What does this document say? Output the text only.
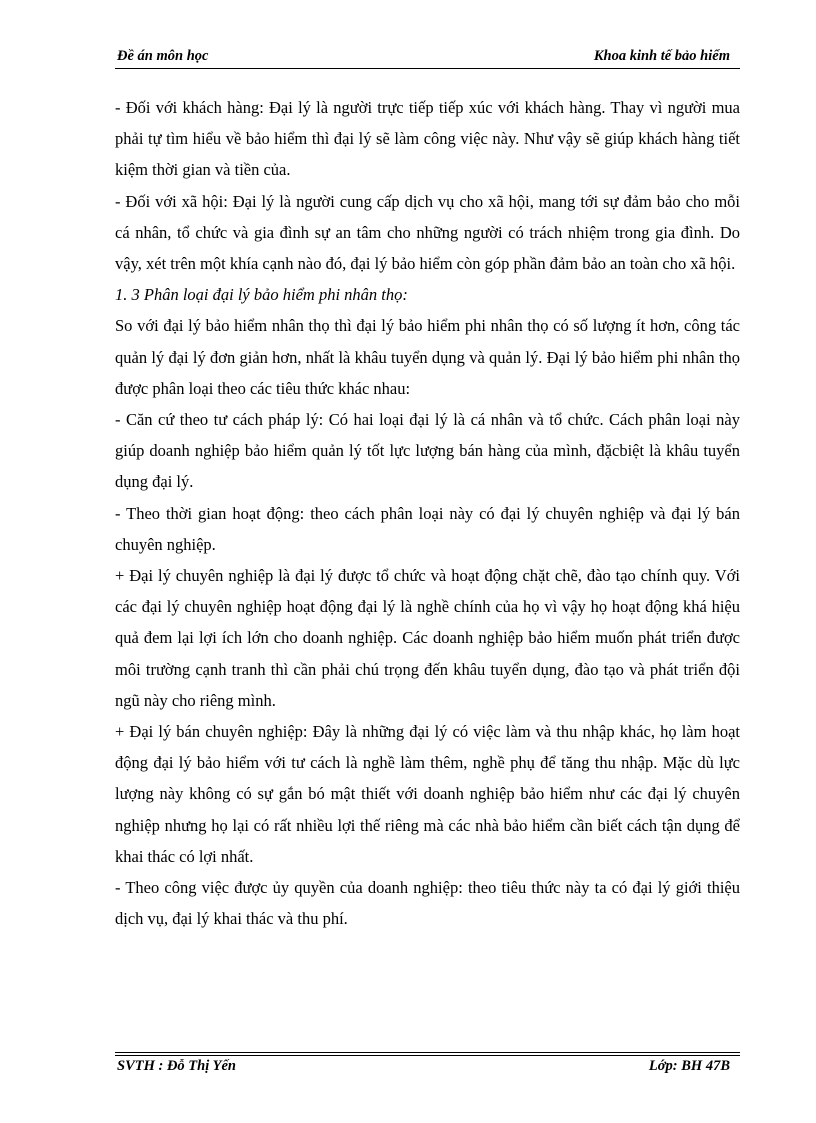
Đề án môn học	Khoa kinh tế bảo hiểm

- Đối với khách hàng: Đại lý là người trực tiếp tiếp xúc với khách hàng. Thay vì người mua phải tự tìm hiểu về bảo hiểm thì đại lý sẽ làm công việc này. Như vậy sẽ giúp khách hàng tiết kiệm thời gian và tiền của.

- Đối với xã hội: Đại lý là người cung cấp dịch vụ cho xã hội, mang tới sự đảm bảo cho mỗi cá nhân, tổ chức và gia đình sự an tâm cho những người có trách nhiệm trong gia đình. Do vậy, xét trên một khía cạnh nào đó, đại lý bảo hiểm còn góp phần đảm bảo an toàn cho xã hội.

1. 3 Phân loại đại lý bảo hiểm phi nhân thọ:

So với đại lý bảo hiểm nhân thọ thì đại lý bảo hiểm phi nhân thọ có số lượng ít hơn, công tác quản lý đại lý đơn giản hơn, nhất là khâu tuyển dụng và quản lý. Đại lý bảo hiểm phi nhân thọ được phân loại theo các tiêu thức khác nhau:

- Căn cứ theo tư cách pháp lý: Có hai loại đại lý là cá nhân và tổ chức. Cách phân loại này giúp doanh nghiệp bảo hiểm quản lý tốt lực lượng bán hàng của mình, đặcbiệt là khâu tuyển dụng đại lý.

- Theo thời gian hoạt động: theo cách phân loại này có đại lý chuyên nghiệp và đại lý bán chuyên nghiệp.

+ Đại lý chuyên nghiệp là đại lý được tổ chức và hoạt động chặt chẽ, đào tạo chính quy. Với các đại lý chuyên nghiệp hoạt động đại lý là nghề chính của họ vì vậy họ hoạt động khá hiệu quả đem lại lợi ích lớn cho doanh nghiệp. Các doanh nghiệp bảo hiểm muốn phát triển được môi trường cạnh tranh thì cần phải chú trọng đến khâu tuyển dụng, đào tạo và phát triển đội ngũ này cho riêng mình.

+ Đại lý bán chuyên nghiệp: Đây là những đại lý có việc làm và thu nhập khác, họ làm hoạt động đại lý bảo hiểm với tư cách là nghề làm thêm, nghề phụ để tăng thu nhập. Mặc dù lực lượng này không có sự gắn bó mật thiết với doanh nghiệp bảo hiểm như các đại lý chuyên nghiệp nhưng họ lại có rất nhiều lợi thế riêng mà các nhà bảo hiểm cần biết cách tận dụng để khai thác có lợi nhất.

- Theo công việc được ủy quyền của doanh nghiệp: theo tiêu thức này ta có đại lý giới thiệu dịch vụ, đại lý khai thác và thu phí.

SVTH : Đỗ Thị Yến	Lớp: BH 47B
